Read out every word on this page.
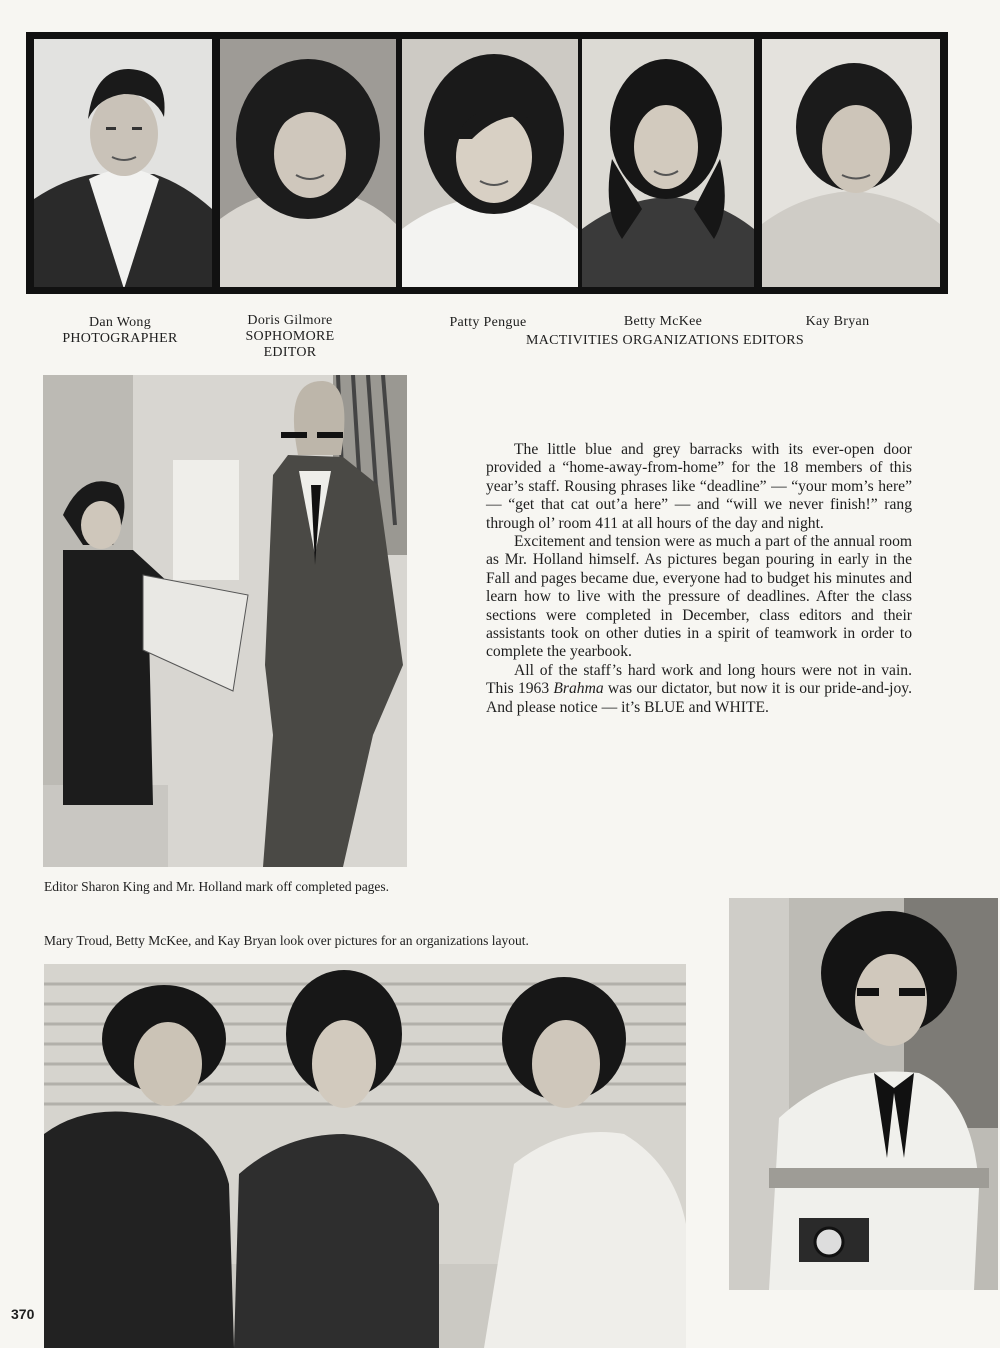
Dan Wong
PHOTOGRAPHER
Doris Gilmore
SOPHOMORE EDITOR
Patty Pengue	Betty McKee	Kay Bryan
MACTIVITIES ORGANIZATIONS EDITORS
Editor Sharon King and Mr. Holland mark off completed pages.

The little blue and grey barracks with its ever-open door provided a “home-away-from-home” for the 18 members of this year’s staff. Rousing phrases like “deadline” — “your mom’s here” — “get that cat out’a here” — and “will we never finish!” rang through ol’ room 411 at all hours of the day and night.

Excitement and tension were as much a part of the annual room as Mr. Holland himself. As pictures began pouring in early in the Fall and pages became due, everyone had to budget his minutes and learn how to live with the pressure of deadlines. After the class sections were completed in December, class editors and their assistants took on other duties in a spirit of teamwork in order to complete the yearbook.

All of the staff’s hard work and long hours were not in vain. This 1963 Brahma was our dictator, but now it is our pride-and-joy. And please notice — it’s BLUE and WHITE.

Mary Troud, Betty McKee, and Kay Bryan look over pictures for an organizations layout.
370
